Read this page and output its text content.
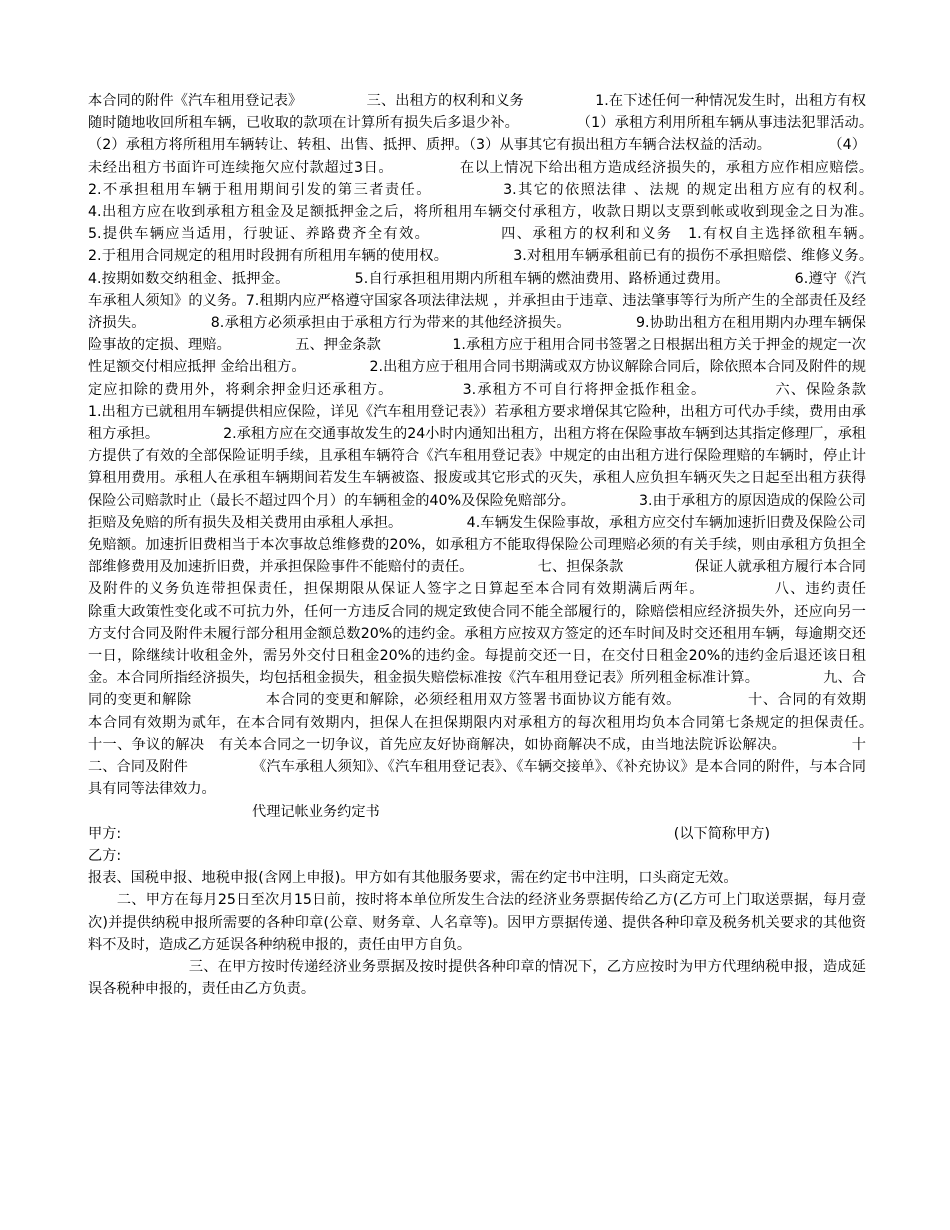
本合同的附件《汽车租用登记表》　　　　　三、出租方的权利和义务　　　　　1.在下述任何一种情况发生时，出租方有权随时随地收回所租车辆，已收取的款项在计算所有损失后多退少补。　　　　　（1）承租方利用所租车辆从事违法犯罪活动。　　　　　（2）承租方将所租用车辆转让、转租、出售、抵押、质押。（3）从事其它有损出租方车辆合法权益的活动。　　　　　（4）未经出租方书面许可连续拖欠应付款超过3日。　　　　　在以上情况下给出租方造成经济损失的，承租方应作相应赔偿。　　　　　2.不承担租用车辆于租用期间引发的第三者责任。　　　　　3.其它的依照法律 、法规 的规定出租方应有的权利。　　　　　4.出租方应在收到承租方租金及足额抵押金之后，将所租用车辆交付承租方，收款日期以支票到帐或收到现金之日为准。　　　　　5.提供车辆应当适用，行驶证、养路费齐全有效。　　　　　四、承租方的权利和义务　1.有权自主选择欲租车辆。　　　　　2.于租用合同规定的租用时段拥有所租用车辆的使用权。　　　　　3.对租用车辆承租前已有的损伤不承担赔偿、维修义务。　　　　　4.按期如数交纳租金、抵押金。　　　　　5.自行承担租用期内所租车辆的燃油费用、路桥通过费用。　　　　　6.遵守《汽车承租人须知》的义务。7.租期内应严格遵守国家各项法律法规 ，并承担由于违章、违法肇事等行为所产生的全部责任及经济损失。　　　　　8.承租方必须承担由于承租方行为带来的其他经济损失。　　　　　9.协助出租方在租用期内办理车辆保险事故的定损、理赔。　　　　　五、押金条款　　　　　1.承租方应于租用合同书签署之日根据出租方关于押金的规定一次性足额交付相应抵押 金给出租方。　　　　　2.出租方应于租用合同书期满或双方协议解除合同后，除依照本合同及附件的规定应扣除的费用外，将剩余押金归还承租方。　　　　　3.承租方不可自行将押金抵作租金。　　　　　六、保险条款　　　　　1.出租方已就租用车辆提供相应保险，详见《汽车租用登记表》）若承租方要求增保其它险种，出租方可代办手续，费用由承租方承担。　　　　　2.承租方应在交通事故发生的24小时内通知出租方，出租方将在保险事故车辆到达其指定修理厂，承租方提供了有效的全部保险证明手续，且承租车辆符合《汽车租用登记表》中规定的由出租方进行保险理赔的车辆时，停止计算租用费用。承租人在承租车辆期间若发生车辆被盗、报废或其它形式的灭失，承租人应负担车辆灭失之日起至出租方获得保险公司赔款时止（最长不超过四个月）的车辆租金的40%及保险免赔部分。　　　　　3.由于承租方的原因造成的保险公司拒赔及免赔的所有损失及相关费用由承租人承担。　　　　　4.车辆发生保险事故，承租方应交付车辆加速折旧费及保险公司免赔额。加速折旧费相当于本次事故总维修费的20%，如承租方不能取得保险公司理赔必须的有关手续，则由承租方负担全部维修费用及加速折旧费，并承担保险事件不能赔付的责任。　　　　　七、担保条款　　　　　保证人就承租方履行本合同及附件的义务负连带担保责任，担保期限从保证人签字之日算起至本合同有效期满后两年。　　　　　八、违约责任　　　　　除重大政策性变化或不可抗力外，任何一方违反合同的规定致使合同不能全部履行的，除赔偿相应经济损失外，还应向另一方支付合同及附件未履行部分租用金额总数20%的违约金。承租方应按双方签定的还车时间及时交还租用车辆，每逾期交还一日，除继续计收租金外，需另外交付日租金20%的违约金。每提前交还一日，在交付日租金20%的违约金后退还该日租金。本合同所指经济损失，均包括租金损失，租金损失赔偿标准按《汽车租用登记表》所列租金标准计算。　　　　　九、合同的变更和解除　　　　　本合同的变更和解除，必须经租用双方签署书面协议方能有效。　　　　　十、合同的有效期　　　　　本合同有效期为贰年，在本合同有效期内，担保人在担保期限内对承租方的每次租用均负本合同第七条规定的担保责任。　　　　　十一、争议的解决　有关本合同之一切争议，首先应友好协商解决，如协商解决不成，由当地法院诉讼解决。　　　　　十二、合同及附件　　　　　《汽车承租人须知》、《汽车租用登记表》、《车辆交接单》、《补充协议》是本合同的附件，与本合同具有同等法律效力。

代理记帐业务约定书

甲方:	(以下简称甲方)

乙方:

报表、国税申报、地税申报(含网上申报)。甲方如有其他服务要求，需在约定书中注明，口头商定无效。

　　二、甲方在每月25日至次月15日前，按时将本单位所发生合法的经济业务票据传给乙方(乙方可上门取送票据，每月壹次)并提供纳税申报所需要的各种印章(公章、财务章、人名章等)。因甲方票据传递、提供各种印章及税务机关要求的其他资料不及时，造成乙方延误各种纳税申报的，责任由甲方自负。

　　　　　　　三、在甲方按时传递经济业务票据及按时提供各种印章的情况下，乙方应按时为甲方代理纳税申报，造成延误各税种申报的，责任由乙方负责。
